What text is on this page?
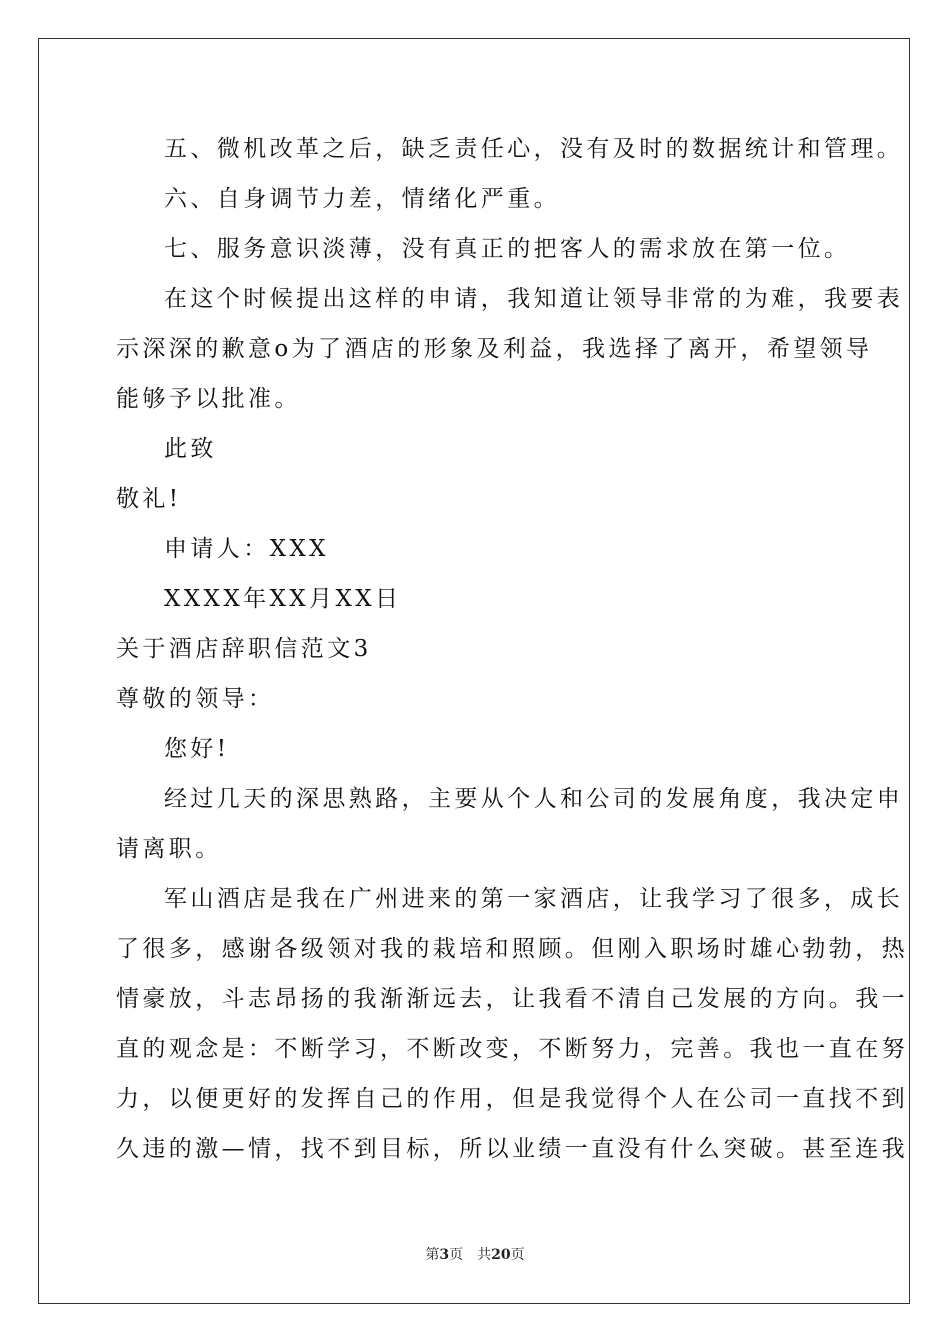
五、微机改革之后，缺乏责任心，没有及时的数据统计和管理。
六、自身调节力差，情绪化严重。
七、服务意识淡薄，没有真正的把客人的需求放在第一位。
在这个时候提出这样的申请，我知道让领导非常的为难，我要表
示深深的歉意o为了酒店的形象及利益，我选择了离开，希望领导
能够予以批准。
此致
敬礼!
申请人：XXX
XXXX年XX月XX日
关于酒店辞职信范文3
尊敬的领导：
您好!
经过几天的深思熟路，主要从个人和公司的发展角度，我决定申
请离职。
军山酒店是我在广州进来的第一家酒店，让我学习了很多，成长
了很多，感谢各级领对我的栽培和照顾。但刚入职场时雄心勃勃，热
情豪放，斗志昂扬的我渐渐远去，让我看不清自己发展的方向。我一
直的观念是：不断学习，不断改变，不断努力，完善。我也一直在努
力，以便更好的发挥自己的作用，但是我觉得个人在公司一直找不到
久违的激—情，找不到目标，所以业绩一直没有什么突破。甚至连我
第3页 共20页
